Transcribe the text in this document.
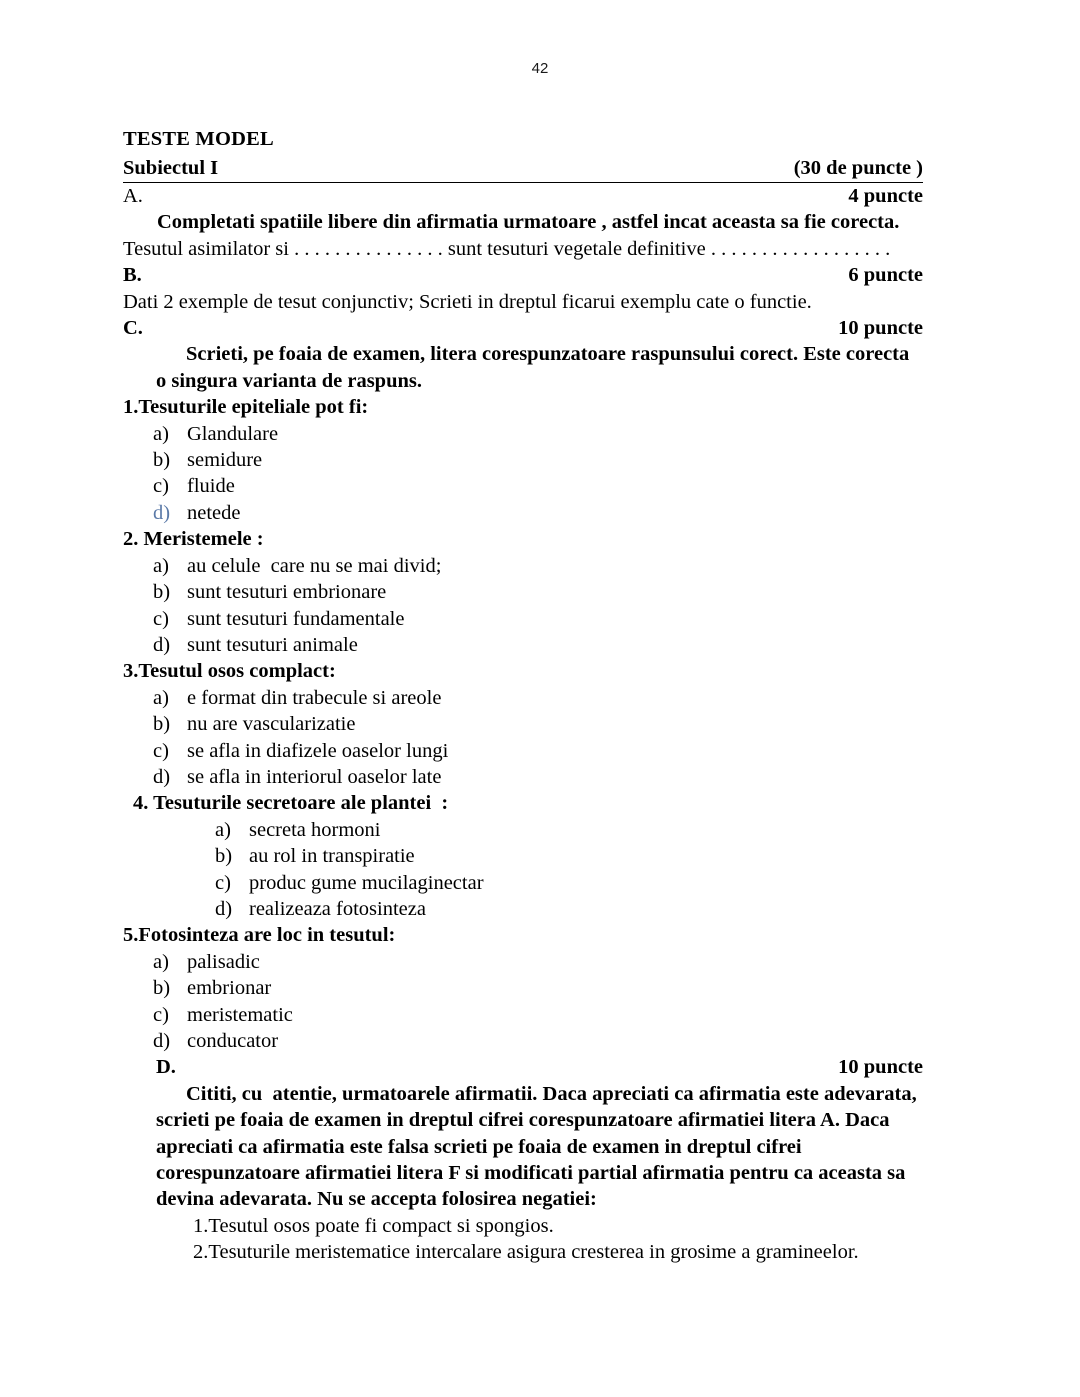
42
TESTE MODEL
Subiectul I	(30 de puncte )
A.	4 puncte
Completati spatiile libere din afirmatia urmatoare , astfel incat aceasta sa fie corecta.
Tesutul asimilator si . . . . . . . . . . . . . . . sunt tesuturi vegetale definitive . . . . . . . . . . . . . . . . . .
B.	6 puncte
Dati 2 exemple de tesut conjunctiv; Scrieti in dreptul ficarui exemplu cate o functie.
C.	10 puncte
Scrieti, pe foaia de examen, litera corespunzatoare raspunsului corect. Este corecta o singura varianta de raspuns.
1.Tesuturile epiteliale pot fi:
a) Glandulare
b) semidure
c) fluide
d) netede
2. Meristemele :
a) au celule  care nu se mai divid;
b) sunt tesuturi embrionare
c) sunt tesuturi fundamentale
d) sunt tesuturi animale
3.Tesutul osos complact:
a) e format din trabecule si areole
b) nu are vascularizatie
c) se afla in diafizele oaselor lungi
d) se afla in interiorul oaselor late
4. Tesuturile secretoare ale plantei  :
a) secreta hormoni
b) au rol in transpiratie
c) produc gume mucilaginectar
d) realizeaza fotosinteza
5.Fotosinteza are loc in tesutul:
a) palisadic
b) embrionar
c) meristematic
d) conducator
D.	10 puncte
Cititi, cu  atentie, urmatoarele afirmatii. Daca apreciati ca afirmatia este adevarata, scrieti pe foaia de examen in dreptul cifrei corespunzatoare afirmatiei litera A. Daca apreciati ca afirmatia este falsa scrieti pe foaia de examen in dreptul cifrei corespunzatoare afirmatiei litera F si modificati partial afirmatia pentru ca aceasta sa devina adevarata. Nu se accepta folosirea negatiei:
1.Tesutul osos poate fi compact si spongios.
2.Tesuturile meristematice intercalare asigura cresterea in grosime a gramineelor.
